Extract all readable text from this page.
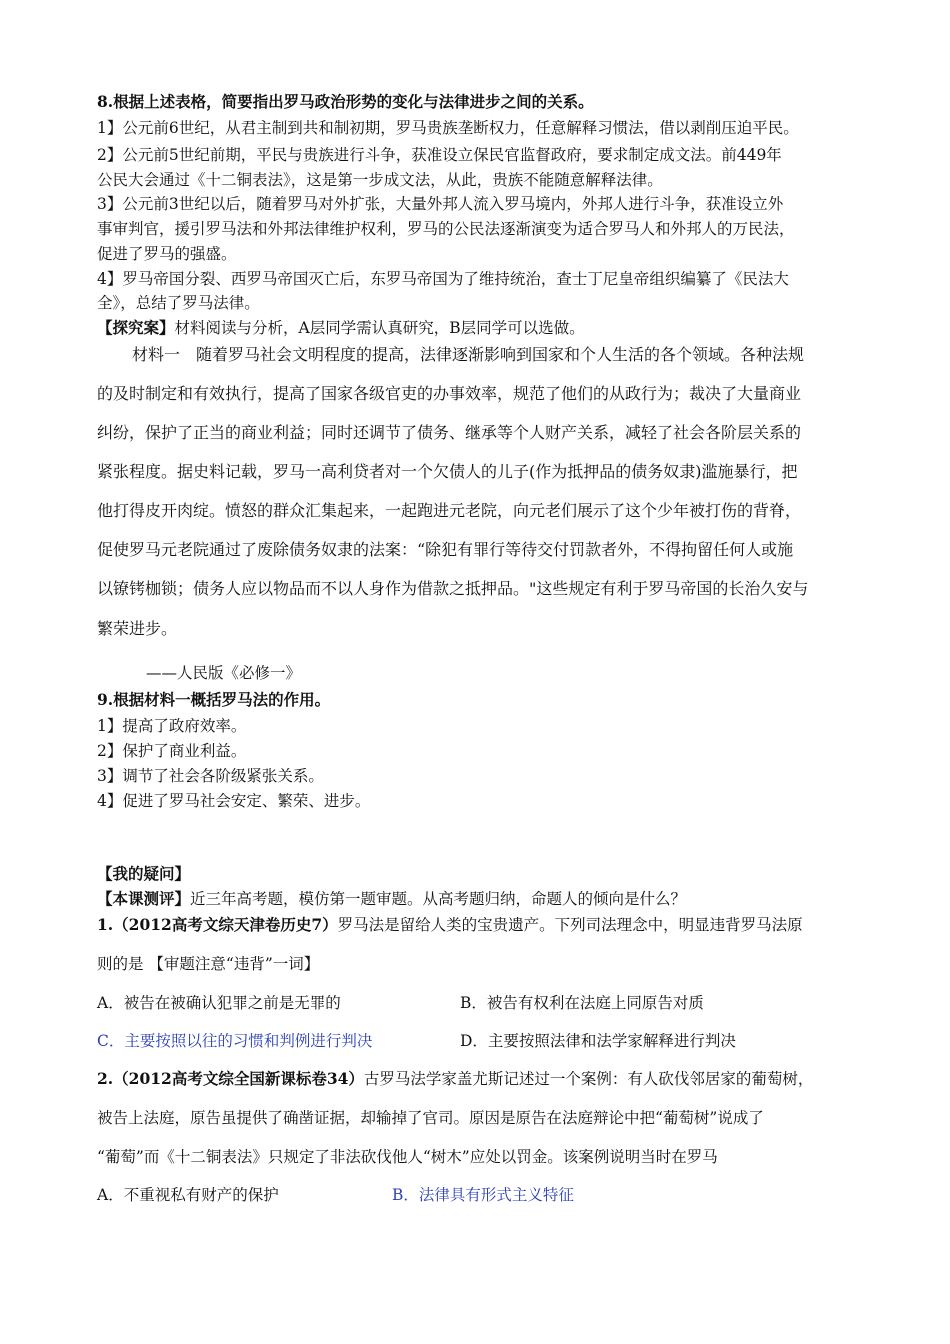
8.根据上述表格，简要指出罗马政治形势的变化与法律进步之间的关系。
1】公元前6世纪，从君主制到共和制初期，罗马贵族垄断权力，任意解释习惯法，借以剥削压迫平民。
2】公元前5世纪前期，平民与贵族进行斗争，获准设立保民官监督政府，要求制定成文法。前449年
公民大会通过《十二铜表法》，这是第一步成文法，从此，贵族不能随意解释法律。
3】公元前3世纪以后，随着罗马对外扩张，大量外邦人流入罗马境内，外邦人进行斗争，获准设立外
事审判官，援引罗马法和外邦法律维护权利，罗马的公民法逐渐演变为适合罗马人和外邦人的万民法，
促进了罗马的强盛。
4】罗马帝国分裂、西罗马帝国灭亡后，东罗马帝国为了维持统治，查士丁尼皇帝组织编纂了《民法大
全》，总结了罗马法律。
【探究案】材料阅读与分析，A层同学需认真研究，B层同学可以选做。
材料一　随着罗马社会文明程度的提高，法律逐渐影响到国家和个人生活的各个领域。各种法规
的及时制定和有效执行，提高了国家各级官吏的办事效率，规范了他们的从政行为；裁决了大量商业
纠纷，保护了正当的商业利益；同时还调节了债务、继承等个人财产关系，减轻了社会各阶层关系的
紧张程度。据史料记载，罗马一高利贷者对一个欠债人的儿子(作为抵押品的债务奴隶)滥施暴行，把
他打得皮开肉绽。愤怒的群众汇集起来，一起跑进元老院，向元老们展示了这个少年被打伤的背脊，
促使罗马元老院通过了废除债务奴隶的法案：“除犯有罪行等待交付罚款者外，不得拘留任何人或施
以镣铐枷锁；债务人应以物品而不以人身作为借款之抵押品。"这些规定有利于罗马帝国的长治久安与
繁荣进步。
——人民版《必修一》
9.根据材料一概括罗马法的作用。
1】提高了政府效率。
2】保护了商业利益。
3】调节了社会各阶级紧张关系。
4】促进了罗马社会安定、繁荣、进步。
【我的疑问】
【本课测评】近三年高考题，模仿第一题审题。从高考题归纳，命题人的倾向是什么？
1.（2012高考文综天津卷历史7）罗马法是留给人类的宝贵遗产。下列司法理念中，明显违背罗马法原
则的是 【审题注意“违背”一词】
A．被告在被确认犯罪之前是无罪的	B．被告有权利在法庭上同原告对质
C．主要按照以往的习惯和判例进行判决	D．主要按照法律和法学家解释进行判决
2.（2012高考文综全国新课标卷34）古罗马法学家盖尤斯记述过一个案例：有人砍伐邻居家的葡萄树，
被告上法庭，原告虽提供了确凿证据，却输掉了官司。原因是原告在法庭辩论中把“葡萄树”说成了
“葡萄”而《十二铜表法》只规定了非法砍伐他人“树木”应处以罚金。该案例说明当时在罗马
A．不重视私有财产的保护	B．法律具有形式主义特征
